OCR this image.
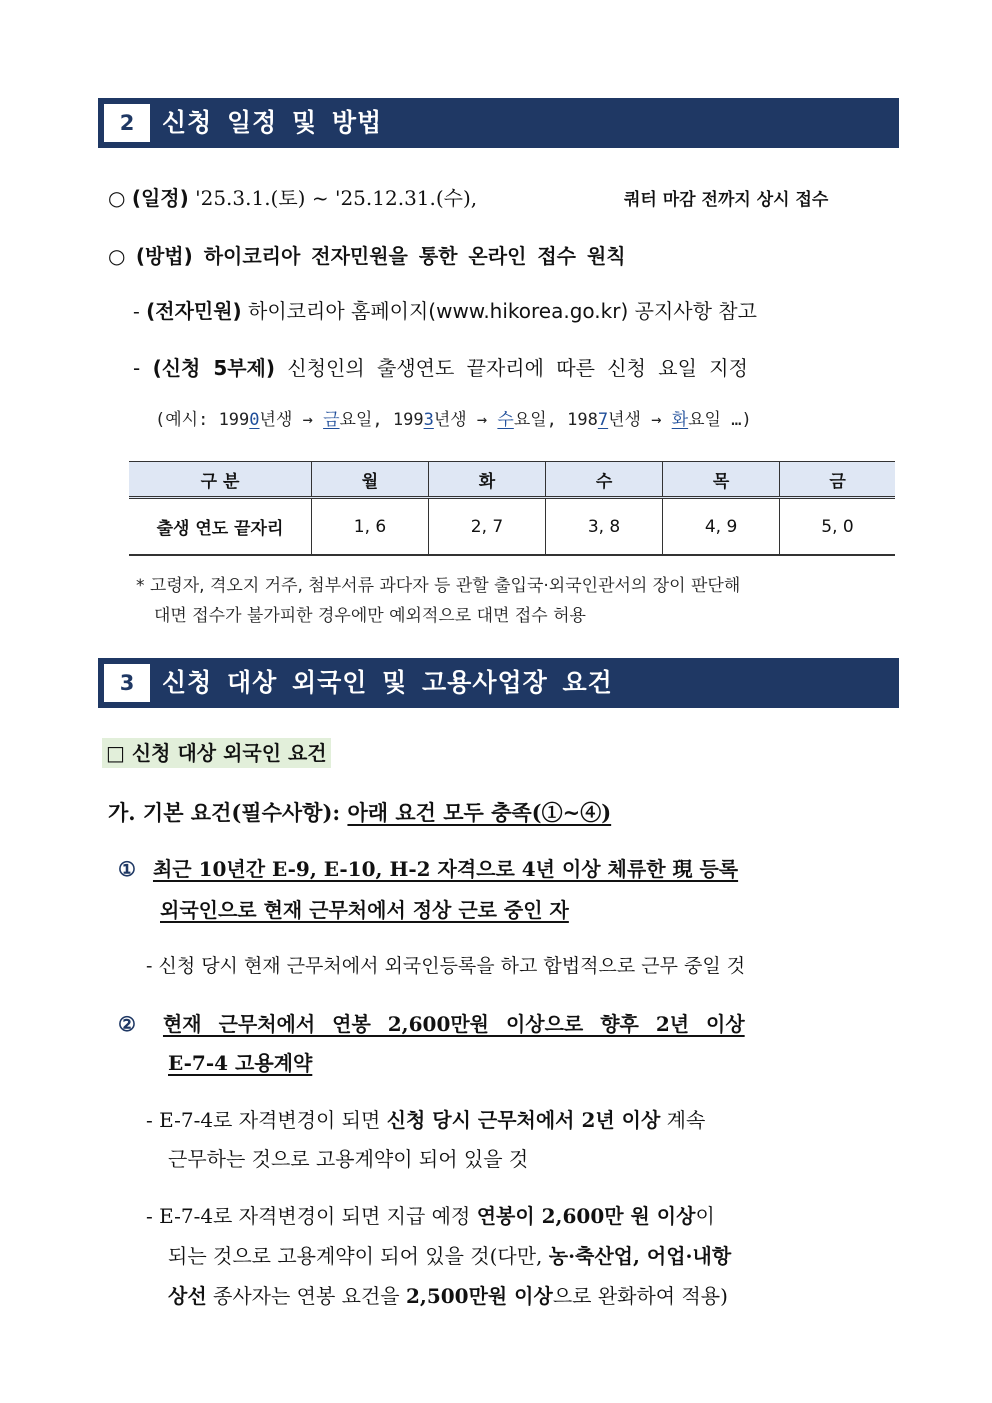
2	신청 일정 및 방법
○ (일정) '25.3.1.(토) ~ '25.12.31.(수),	쿼터 마감 전까지 상시 접수
○ (방법) 하이코리아 전자민원을 통한 온라인 접수 원칙
- (전자민원) 하이코리아 홈페이지(www.hikorea.go.kr) 공지사항 참고
- (신청 5부제) 신청인의 출생연도 끝자리에 따른 신청 요일 지정
(예시: 1990년생 → 금요일, 1993년생 → 수요일, 1987년생 → 화요일 …)
구 분	월	화	수	목	금
출생 연도 끝자리	1, 6	2, 7	3, 8	4, 9	5, 0
* 고령자, 격오지 거주, 첨부서류 과다자 등 관할 출입국·외국인관서의 장이 판단해
대면 접수가 불가피한 경우에만 예외적으로 대면 접수 허용
3	신청 대상 외국인 및 고용사업장 요건
□ 신청 대상 외국인 요건
가. 기본 요건(필수사항): 아래 요건 모두 충족(①~④)
① 최근 10년간 E-9, E-10, H-2 자격으로 4년 이상 체류한 現 등록
외국인으로 현재 근무처에서 정상 근로 중인 자
- 신청 당시 현재 근무처에서 외국인등록을 하고 합법적으로 근무 중일 것
② 현재 근무처에서 연봉 2,600만원 이상으로 향후 2년 이상
E-7-4 고용계약
- E-7-4로 자격변경이 되면 신청 당시 근무처에서 2년 이상 계속
근무하는 것으로 고용계약이 되어 있을 것
- E-7-4로 자격변경이 되면 지급 예정 연봉이 2,600만 원 이상이
되는 것으로 고용계약이 되어 있을 것(다만, 농·축산업, 어업·내항
상선 종사자는 연봉 요건을 2,500만원 이상으로 완화하여 적용)
